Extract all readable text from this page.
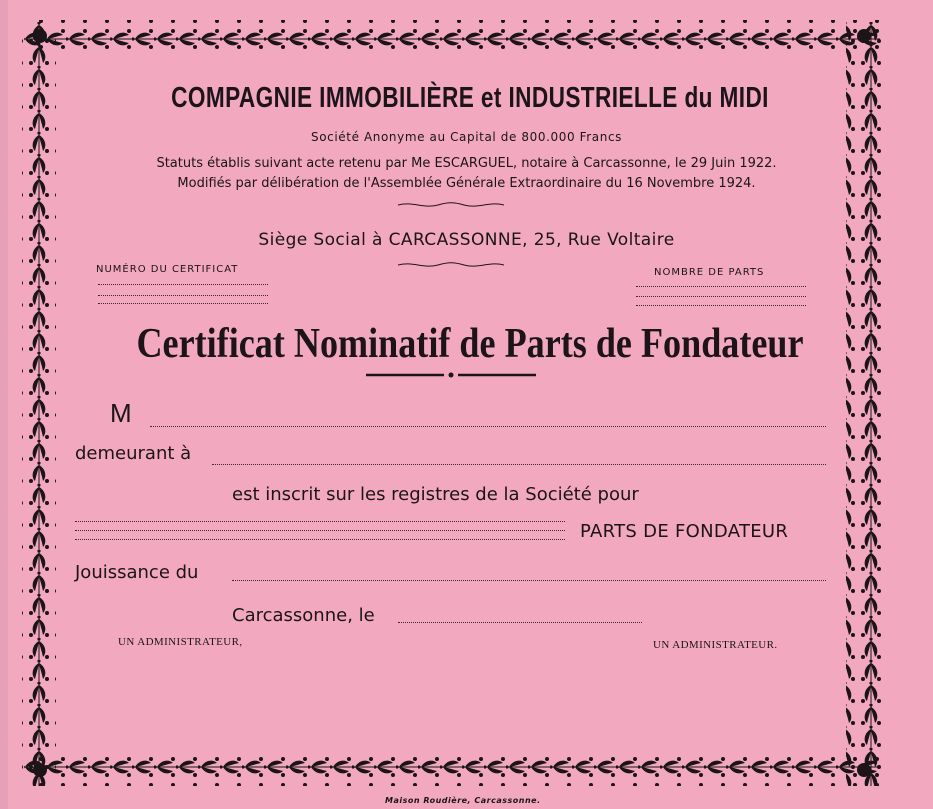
COMPAGNIE IMMOBILIÈRE et INDUSTRIELLE du MIDI
Société Anonyme au Capital de 800.000 Francs
Statuts établis suivant acte retenu par Me ESCARGUEL, notaire à Carcassonne, le 29 Juin 1922.
Modifiés par délibération de l'Assemblée Générale Extraordinaire du 16 Novembre 1924.
Siège Social à CARCASSONNE, 25, Rue Voltaire
NUMÉRO DU CERTIFICAT	NOMBRE DE PARTS
Certificat Nominatif de Parts de Fondateur
M
demeurant à
est inscrit sur les registres de la Société pour
PARTS DE FONDATEUR
Jouissance du
Carcassonne, le
UN ADMINISTRATEUR,	UN ADMINISTRATEUR.
Maison Roudière, Carcassonne.
